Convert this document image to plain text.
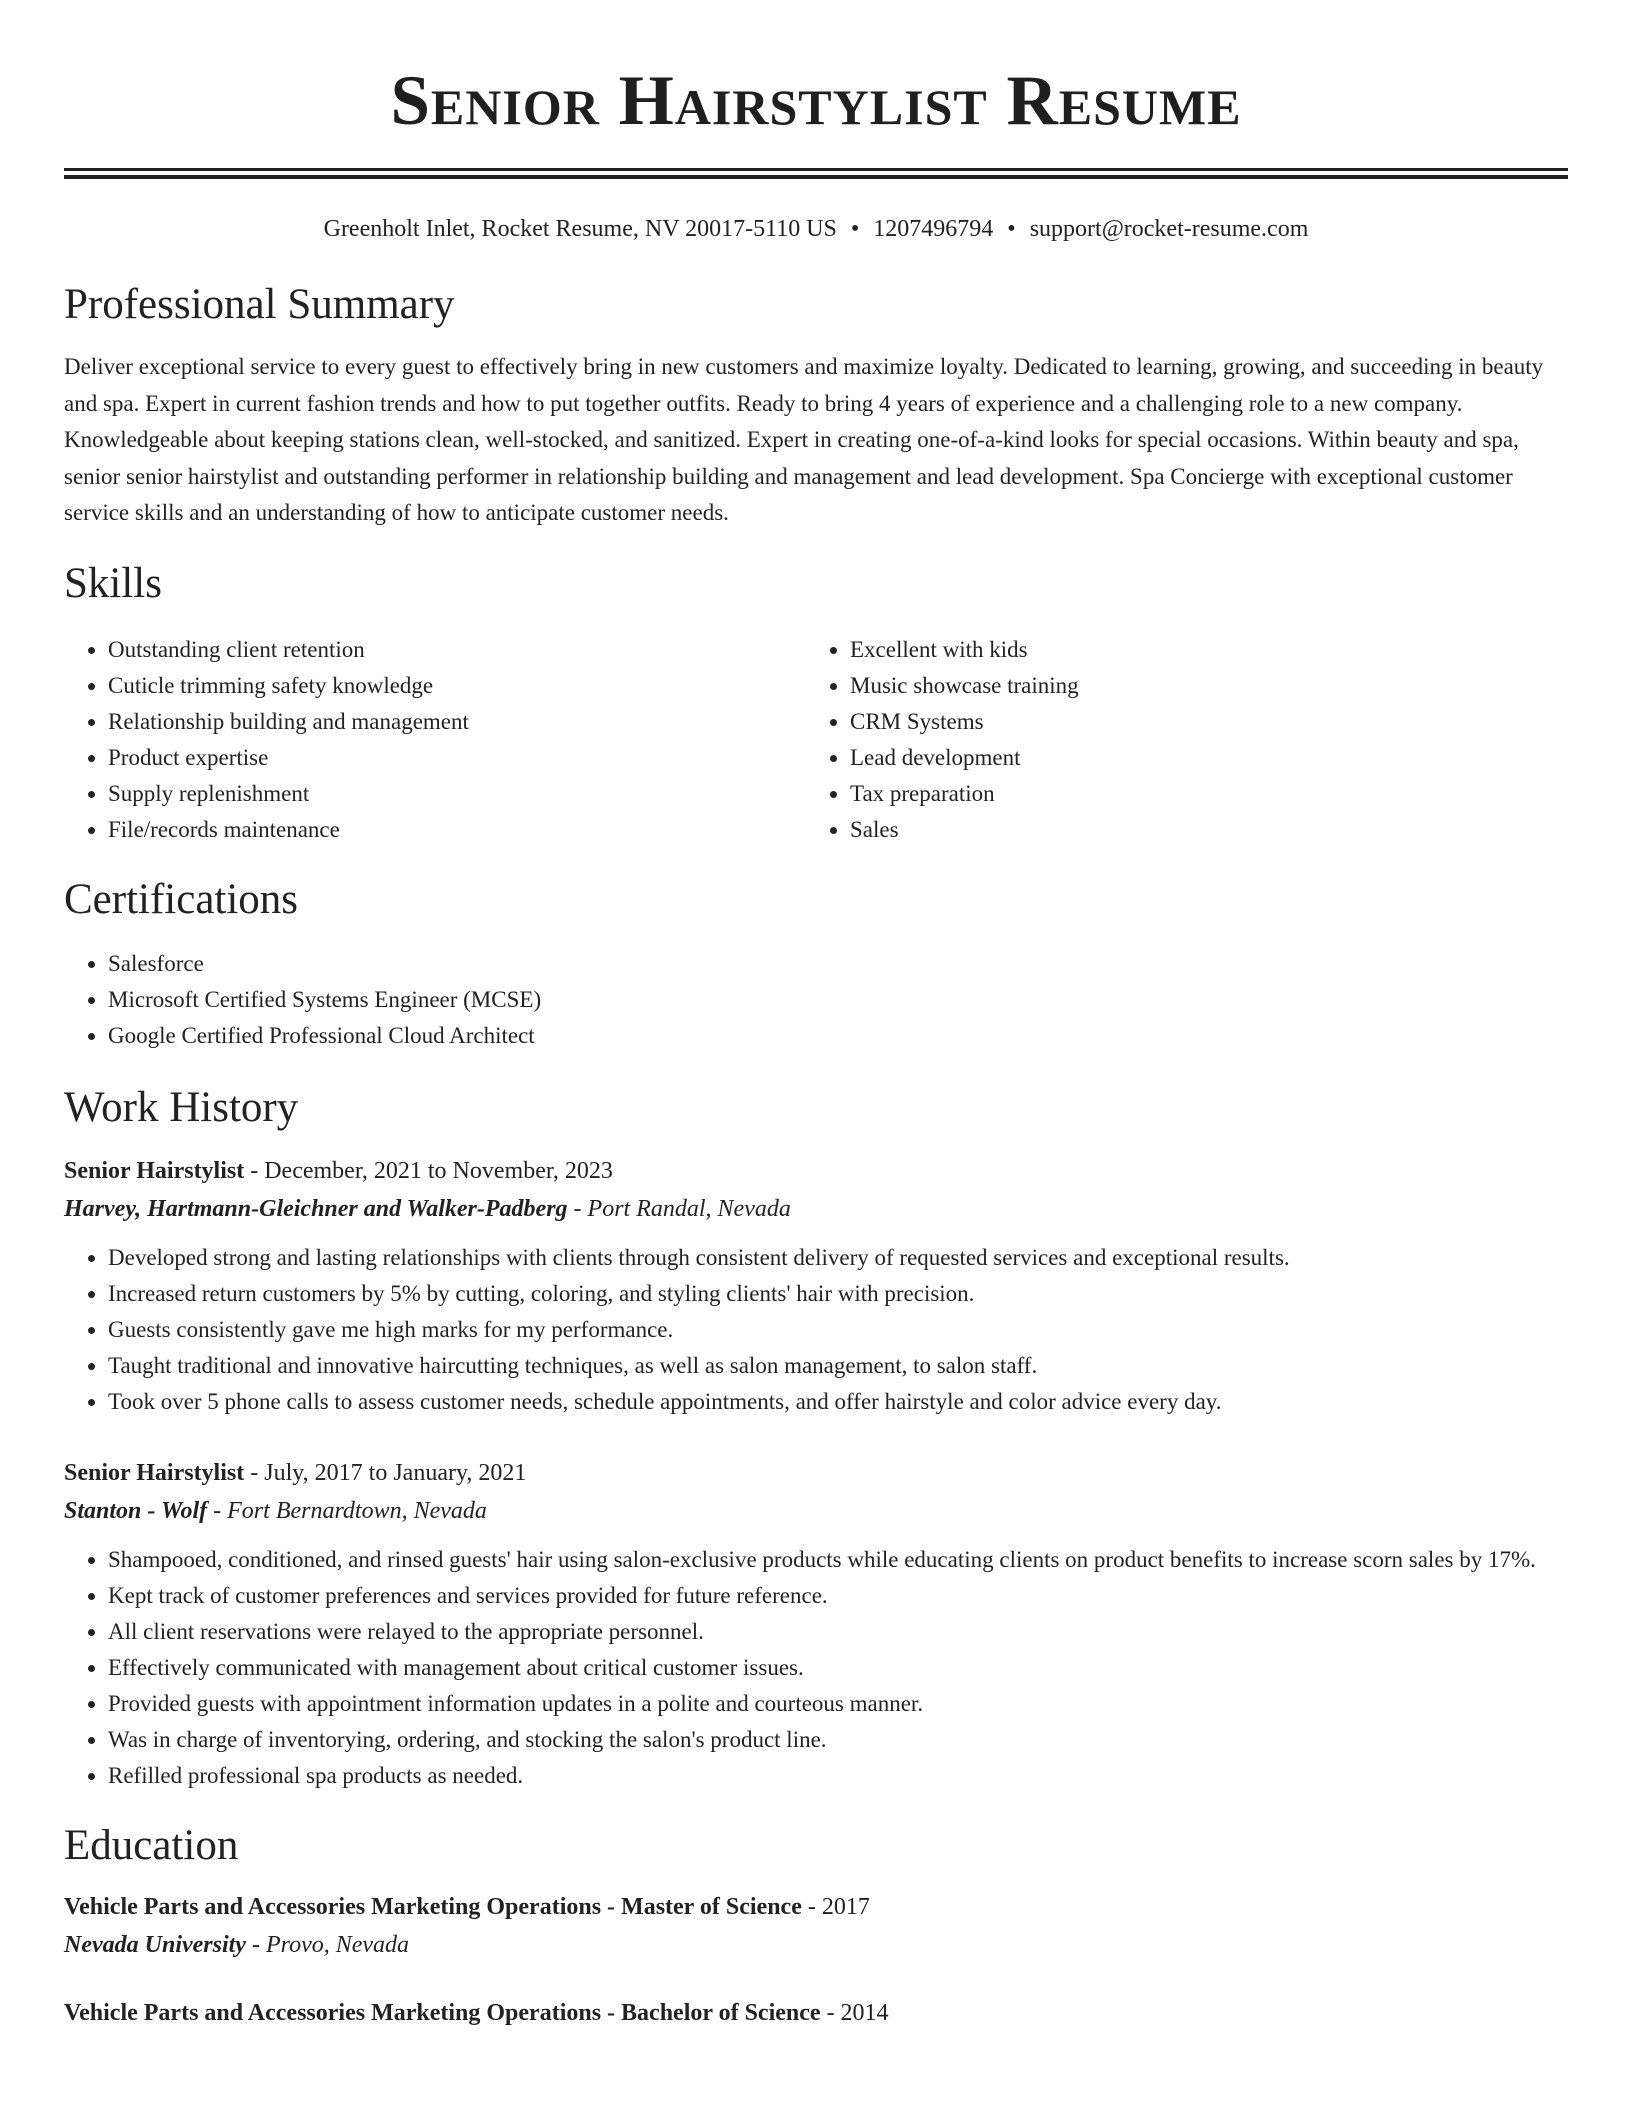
Senior Hairstylist Resume
Greenholt Inlet, Rocket Resume, NV 20017-5110 US • 1207496794 • support@rocket-resume.com
Professional Summary

Deliver exceptional service to every guest to effectively bring in new customers and maximize loyalty. Dedicated to learning, growing, and succeeding in beauty and spa. Expert in current fashion trends and how to put together outfits. Ready to bring 4 years of experience and a challenging role to a new company. Knowledgeable about keeping stations clean, well-stocked, and sanitized. Expert in creating one-of-a-kind looks for special occasions. Within beauty and spa, senior senior hairstylist and outstanding performer in relationship building and management and lead development. Spa Concierge with exceptional customer service skills and an understanding of how to anticipate customer needs.

Skills
• Outstanding client retention
• Cuticle trimming safety knowledge
• Relationship building and management
• Product expertise
• Supply replenishment
• File/records maintenance
• Excellent with kids
• Music showcase training
• CRM Systems
• Lead development
• Tax preparation
• Sales
Certifications
• Salesforce
• Microsoft Certified Systems Engineer (MCSE)
• Google Certified Professional Cloud Architect
Work History
Senior Hairstylist - December, 2021 to November, 2023
Harvey, Hartmann-Gleichner and Walker-Padberg - Port Randal, Nevada
• Developed strong and lasting relationships with clients through consistent delivery of requested services and exceptional results.
• Increased return customers by 5% by cutting, coloring, and styling clients' hair with precision.
• Guests consistently gave me high marks for my performance.
• Taught traditional and innovative haircutting techniques, as well as salon management, to salon staff.
• Took over 5 phone calls to assess customer needs, schedule appointments, and offer hairstyle and color advice every day.
Senior Hairstylist - July, 2017 to January, 2021
Stanton - Wolf - Fort Bernardtown, Nevada
• Shampooed, conditioned, and rinsed guests' hair using salon-exclusive products while educating clients on product benefits to increase scorn sales by 17%.
• Kept track of customer preferences and services provided for future reference.
• All client reservations were relayed to the appropriate personnel.
• Effectively communicated with management about critical customer issues.
• Provided guests with appointment information updates in a polite and courteous manner.
• Was in charge of inventorying, ordering, and stocking the salon's product line.
• Refilled professional spa products as needed.
Education
Vehicle Parts and Accessories Marketing Operations - Master of Science - 2017
Nevada University - Provo, Nevada
Vehicle Parts and Accessories Marketing Operations - Bachelor of Science - 2014
